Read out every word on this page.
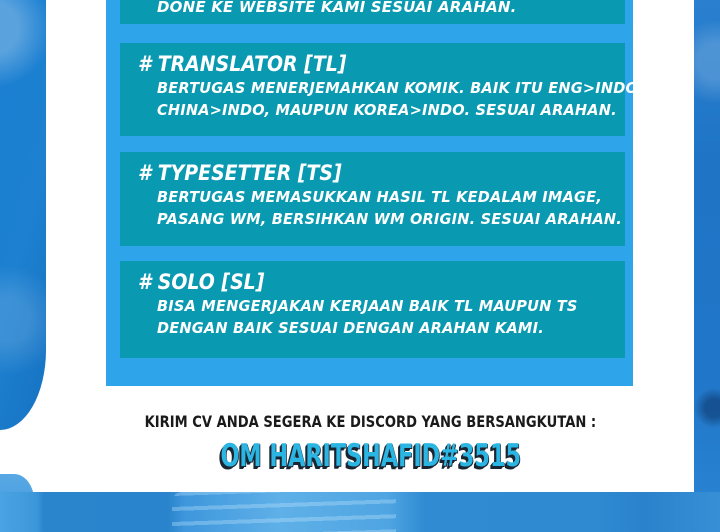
DONE KE WEBSITE KAMI SESUAI ARAHAN.
# TRANSLATOR [TL]
BERTUGAS MENERJEMAHKAN KOMIK. BAIK ITU ENG>INDO,
CHINA>INDO, MAUPUN KOREA>INDO. SESUAI ARAHAN.
# TYPESETTER [TS]
BERTUGAS MEMASUKKAN HASIL TL KEDALAM IMAGE,
PASANG WM, BERSIHKAN WM ORIGIN. SESUAI ARAHAN.
# SOLO [SL]
BISA MENGERJAKAN KERJAAN BAIK TL MAUPUN TS
DENGAN BAIK SESUAI DENGAN ARAHAN KAMI.
KIRIM CV ANDA SEGERA KE DISCORD YANG BERSANGKUTAN :
OM HARITSHAFID#3515
